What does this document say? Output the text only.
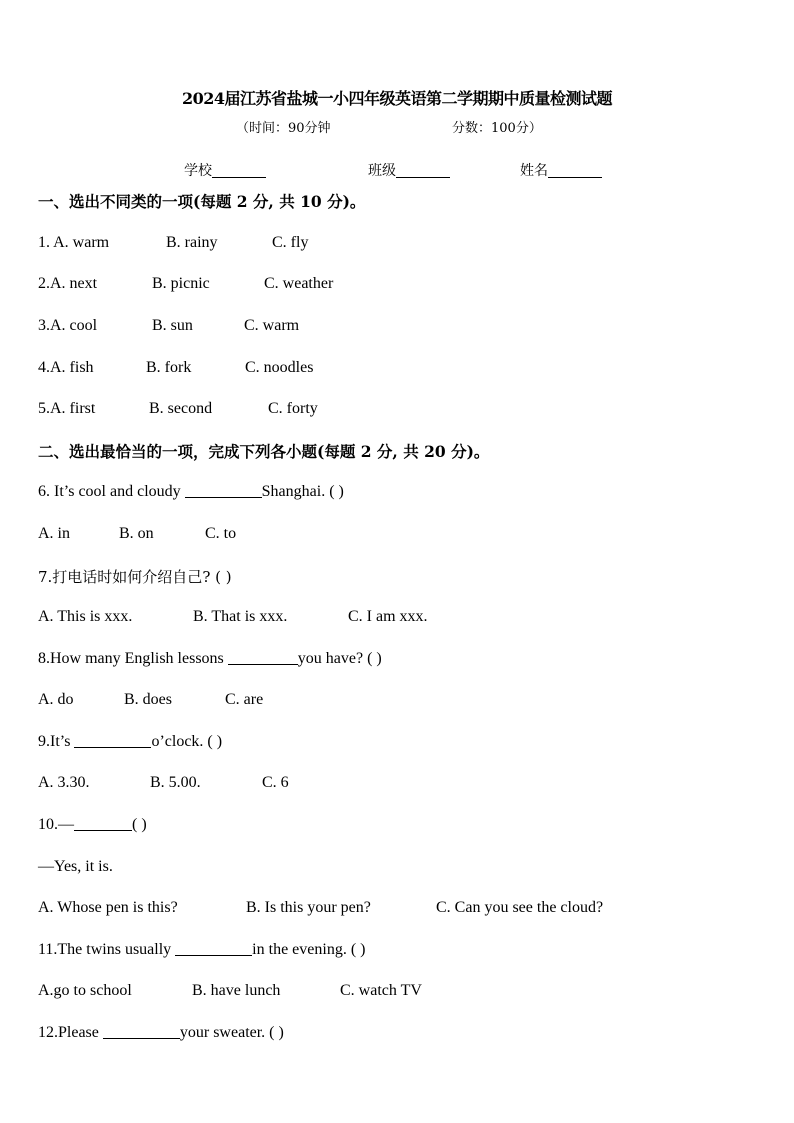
2024届江苏省盐城一小四年级英语第二学期期中质量检测试题
（时间：90分钟	分数：100分）
学校	班级	姓名
一、选出不同类的一项(每题 2 分, 共 10 分)。
1. A. warm	B. rainy	C. fly
2.A. next	B. picnic	C. weather
3.A. cool	B. sun	C. warm
4.A. fish	B. fork	C. noodles
5.A. first	B. second	C. forty
二、选出最恰当的一项，完成下列各小题(每题 2 分, 共 20 分)。
6. It’s cool and cloudy	Shanghai. ( )
A. in	B. on	C. to
7.打电话时如何介绍自己? ( )
A. This is xxx.	B. That is xxx.	C. I am xxx.
8.How many English lessons	you have? ( )
A. do	B. does	C. are
9.It’s	o’clock. ( )
A. 3.30.	B. 5.00.	C. 6
10.—	( )
—Yes, it is.
A. Whose pen is this?	B. Is this your pen?	C. Can you see the cloud?
11.The twins usually	in the evening. ( )
A.go to school	B. have lunch	C. watch TV
12.Please	your sweater. ( )
